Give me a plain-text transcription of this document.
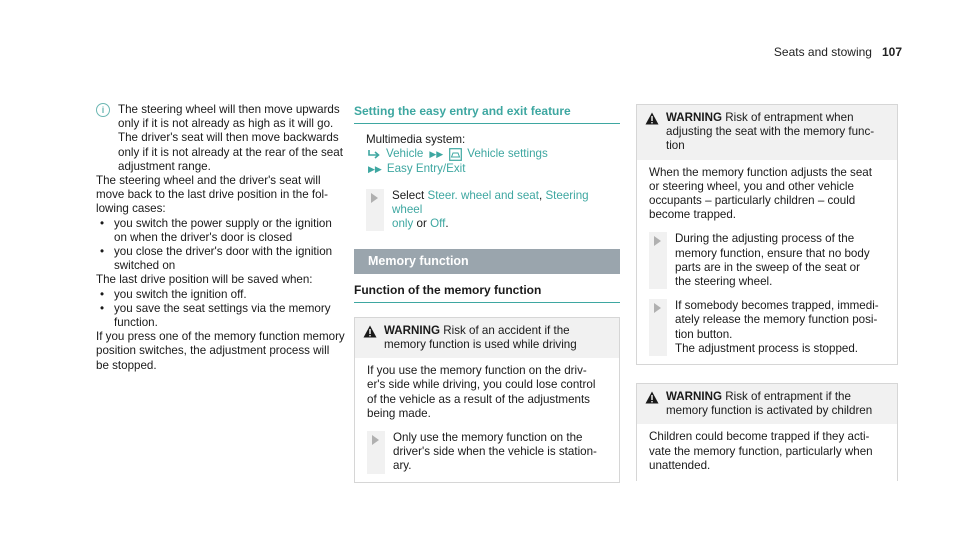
Seats and stowing 107
i	The steering wheel will then move upwards
only if it is not already as high as it will go.
The driver's seat will then move backwards
only if it is not already at the rear of the seat
adjustment range.
The steering wheel and the driver's seat will
move back to the last drive position in the fol-
lowing cases:
• you switch the power supply or the ignition
on when the driver's door is closed
• you close the driver's door with the ignition
switched on
The last drive position will be saved when:
• you switch the ignition off.
• you save the seat settings via the memory
function.
If you press one of the memory function memory
position switches, the adjustment process will
be stopped.
Setting the easy entry and exit feature
Multimedia system:
Vehicle ▶▶ Vehicle settings
▶▶ Easy Entry/Exit
Select Steer. wheel and seat, Steering wheel
only or Off.
Memory function
Function of the memory function
WARNING Risk of an accident if the
memory function is used while driving
If you use the memory function on the driv-
er's side while driving, you could lose control
of the vehicle as a result of the adjustments
being made.
Only use the memory function on the
driver's side when the vehicle is station-
ary.
WARNING Risk of entrapment when
adjusting the seat with the memory func-
tion
When the memory function adjusts the seat
or steering wheel, you and other vehicle
occupants – particularly children – could
become trapped.
During the adjusting process of the
memory function, ensure that no body
parts are in the sweep of the seat or
the steering wheel.
If somebody becomes trapped, immedi-
ately release the memory function posi-
tion button.
The adjustment process is stopped.
WARNING Risk of entrapment if the
memory function is activated by children
Children could become trapped if they acti-
vate the memory function, particularly when
unattended.
